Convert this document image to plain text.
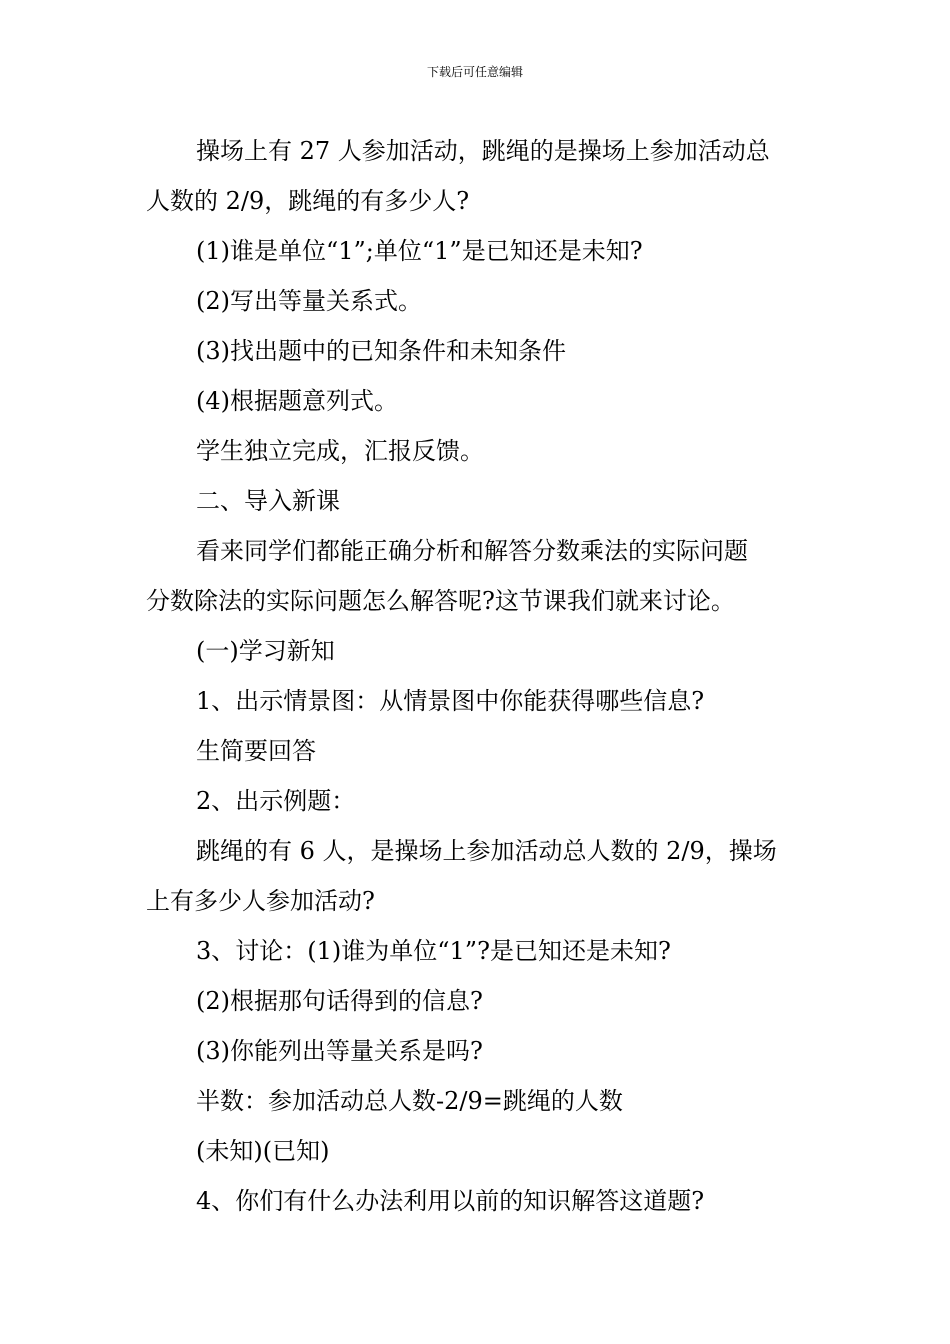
下载后可任意编辑
操场上有 27 人参加活动，跳绳的是操场上参加活动总
人数的 2/9，跳绳的有多少人?
(1)谁是单位“1”;单位“1”是已知还是未知?
(2)写出等量关系式。
(3)找出题中的已知条件和未知条件
(4)根据题意列式。
学生独立完成，汇报反馈。
二、导入新课
看来同学们都能正确分析和解答分数乘法的实际问题
分数除法的实际问题怎么解答呢?这节课我们就来讨论。
(一)学习新知
1、出示情景图：从情景图中你能获得哪些信息?
生简要回答
2、出示例题：
跳绳的有 6 人，是操场上参加活动总人数的 2/9，操场
上有多少人参加活动?
3、讨论：(1)谁为单位“1”?是已知还是未知?
(2)根据那句话得到的信息?
(3)你能列出等量关系是吗?
半数：参加活动总人数-2/9=跳绳的人数
(未知)(已知)
4、你们有什么办法利用以前的知识解答这道题?
